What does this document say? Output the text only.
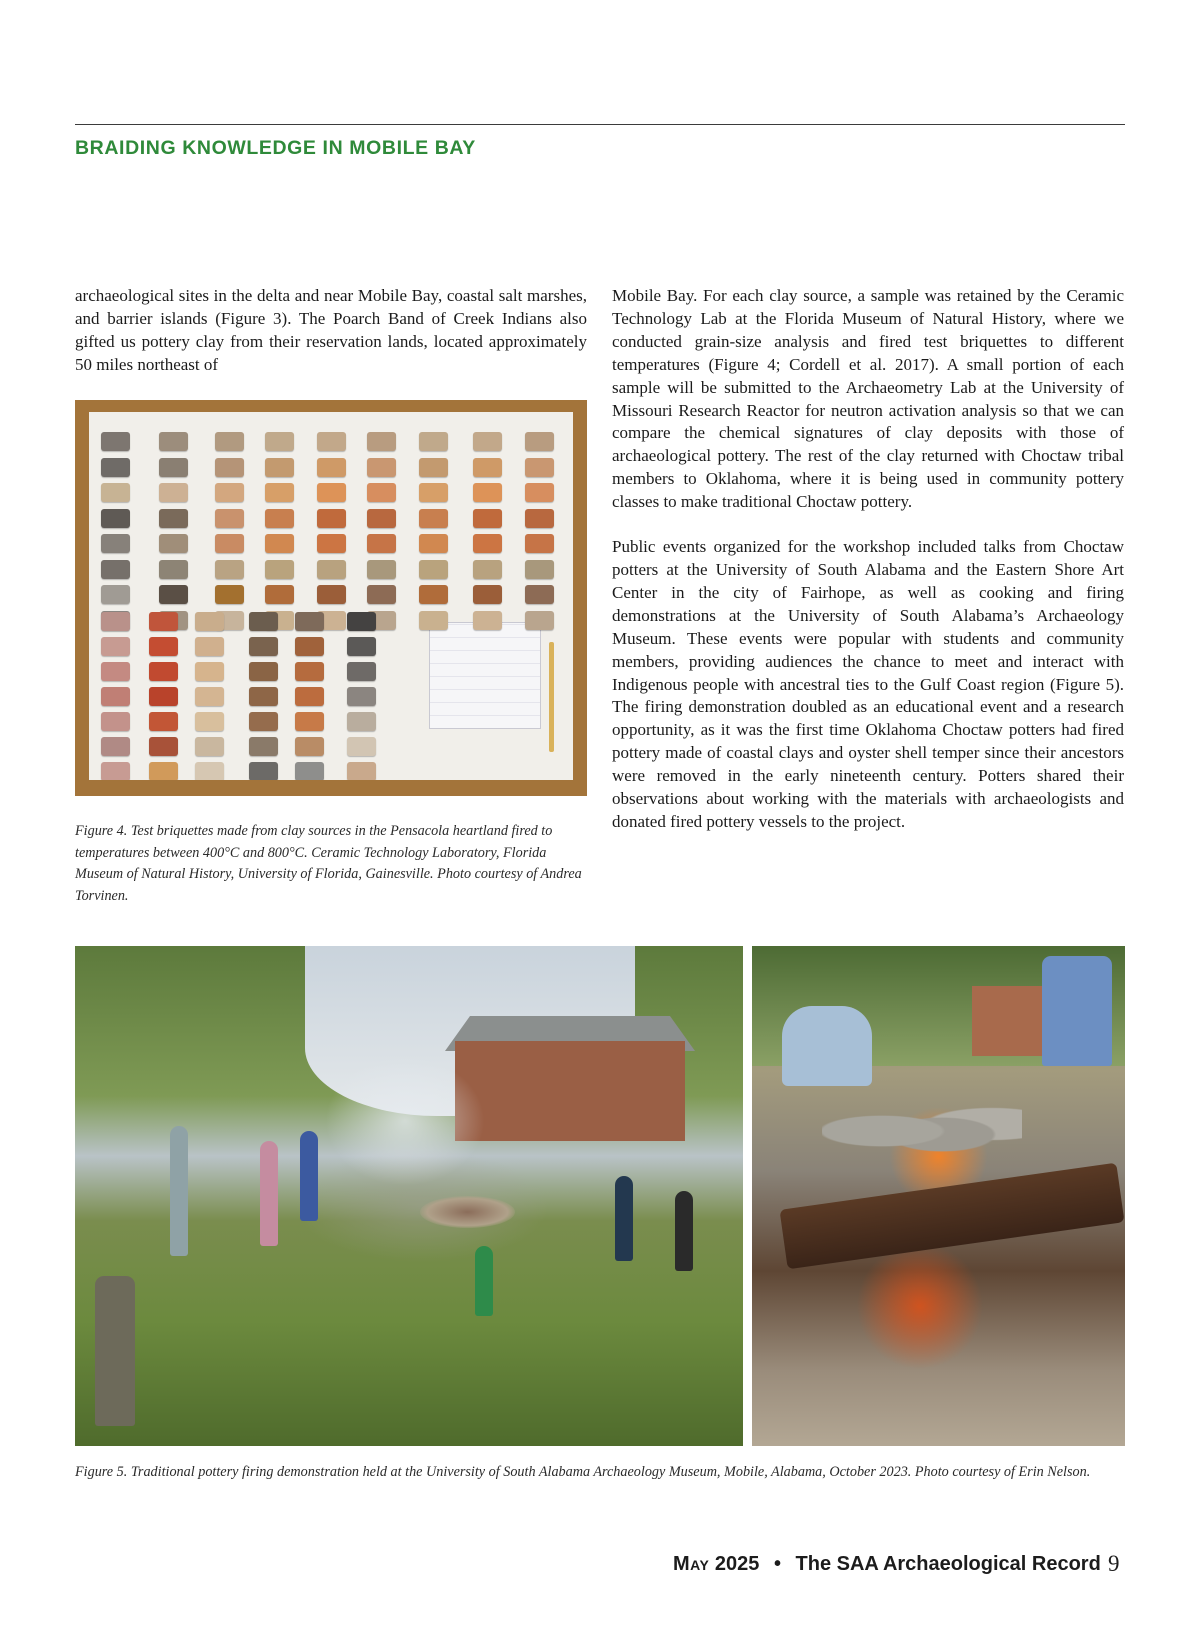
BRAIDING KNOWLEDGE IN MOBILE BAY

archaeological sites in the delta and near Mobile Bay, coastal salt marshes, and barrier islands (Figure 3). The Poarch Band of Creek Indians also gifted us pottery clay from their reservation lands, located approximately 50 miles northeast of

Mobile Bay. For each clay source, a sample was retained by the Ceramic Technology Lab at the Florida Museum of Natural History, where we conducted grain-size analysis and fired test briquettes to different temperatures (Figure 4; Cordell et al. 2017). A small portion of each sample will be submitted to the Archaeometry Lab at the University of Missouri Research Reactor for neutron activation analysis so that we can compare the chemical signatures of clay deposits with those of archaeological pottery. The rest of the clay returned with Choctaw tribal members to Oklahoma, where it is being used in community pottery classes to make traditional Choctaw pottery.

Public events organized for the workshop included talks from Choctaw potters at the University of South Alabama and the Eastern Shore Art Center in the city of Fairhope, as well as cooking and firing demonstrations at the University of South Alabama’s Archaeology Museum. These events were popular with students and community members, providing audiences the chance to meet and interact with Indigenous people with ancestral ties to the Gulf Coast region (Figure 5). The firing demonstration doubled as an educational event and a research opportunity, as it was the first time Oklahoma Choctaw potters had fired pottery made of coastal clays and oyster shell temper since their ancestors were removed in the early nineteenth century. Potters shared their observations about working with the materials with archaeologists and donated fired pottery vessels to the project.

Figure 4. Test briquettes made from clay sources in the Pensacola heartland fired to temperatures between 400°C and 800°C. Ceramic Technology Laboratory, Florida Museum of Natural History, University of Florida, Gainesville. Photo courtesy of Andrea Torvinen.

Figure 5. Traditional pottery firing demonstration held at the University of South Alabama Archaeology Museum, Mobile, Alabama, October 2023. Photo courtesy of Erin Nelson.

May 2025 • The SAA Archaeological Record 9
